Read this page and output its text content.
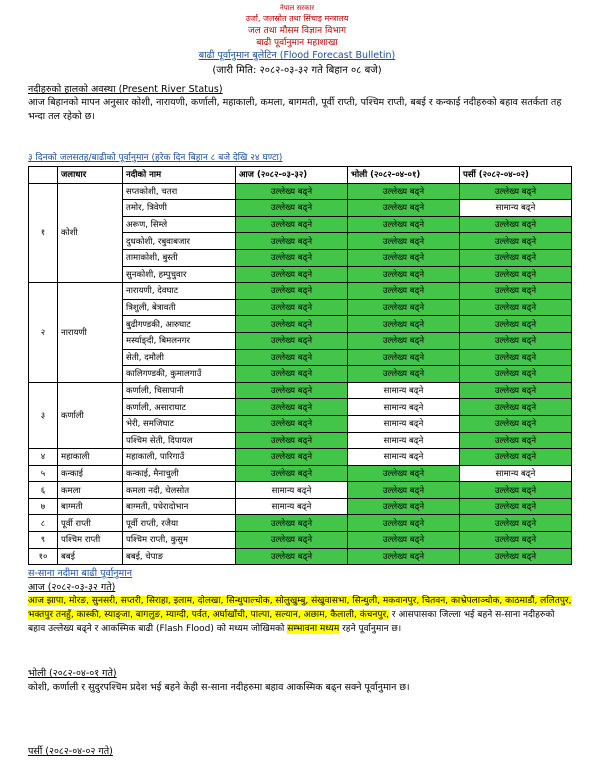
नेपाल सरकार
उर्जा, जलस्रोत तथा सिंचाइ मन्त्रालय
जल तथा मौसम विज्ञान विभाग
बाढी पूर्वानुमान महाशाखा
बाढी पूर्वानुमान बुलेटिन (Flood Forecast Bulletin)
(जारी मिति: २०८२-०३-३२ गते बिहान ०८ बजे)
नदीहरुको हालको अवस्था (Present River Status)
आज बिहानको मापन अनुसार कोशी, नारायणी, कर्णाली, महाकाली, कमला, बागमती, पूर्वी राप्ती, पश्चिम राप्ती, बबई र कन्काई नदीहरुको बहाव सतर्कता तह भन्दा तल रहेको छ।
३ दिनको जलसतह/बाढीको पूर्वानुमान (हरेक दिन बिहान ८ बजे देखि २४ घण्टा)
	जलाधार	नदीको नाम	आज (२०८२-०३-३२)	भोली (२०८२-०४-०१)	पर्सी (२०८२-०४-०२)
१	कोशी	सप्तकोशी, चतरा	उल्लेख्य बढ्ने	उल्लेख्य बढ्ने	उल्लेख्य बढ्ने
		तमोर, त्रिवेणी	उल्लेख्य बढ्ने	उल्लेख्य बढ्ने	सामान्य बढ्ने
		अरूण, सिम्ले	उल्लेख्य बढ्ने	उल्लेख्य बढ्ने	उल्लेख्य बढ्ने
		दुधकोशी, रबुवाबजार	उल्लेख्य बढ्ने	उल्लेख्य बढ्ने	उल्लेख्य बढ्ने
		तामाकोशी, बुस्ती	उल्लेख्य बढ्ने	उल्लेख्य बढ्ने	उल्लेख्य बढ्ने
		सुनकोशी, हम्पुचुवार	उल्लेख्य बढ्ने	उल्लेख्य बढ्ने	उल्लेख्य बढ्ने
२	नारायणी	नारायणी, देवघाट	उल्लेख्य बढ्ने	उल्लेख्य बढ्ने	उल्लेख्य बढ्ने
		त्रिशुली, बेत्रावती	उल्लेख्य बढ्ने	उल्लेख्य बढ्ने	उल्लेख्य बढ्ने
		बुढीगण्डकी, आरुघाट	उल्लेख्य बढ्ने	उल्लेख्य बढ्ने	उल्लेख्य बढ्ने
		मर्स्याङ्दी, बिमलनगर	उल्लेख्य बढ्ने	उल्लेख्य बढ्ने	उल्लेख्य बढ्ने
		सेती, दमौली	उल्लेख्य बढ्ने	उल्लेख्य बढ्ने	उल्लेख्य बढ्ने
		कालिगण्डकी, कुमालगाउँ	उल्लेख्य बढ्ने	उल्लेख्य बढ्ने	उल्लेख्य बढ्ने
३	कर्णाली	कर्णाली, चिसापानी	उल्लेख्य बढ्ने	सामान्य बढ्ने	उल्लेख्य बढ्ने
		कर्णाली, असाराघाट	उल्लेख्य बढ्ने	सामान्य बढ्ने	उल्लेख्य बढ्ने
		भेरी, समजिघाट	उल्लेख्य बढ्ने	सामान्य बढ्ने	उल्लेख्य बढ्ने
		पश्चिम सेती, दिपायल	उल्लेख्य बढ्ने	सामान्य बढ्ने	उल्लेख्य बढ्ने
४	महाकाली	महाकाली, पारिगाउँ	उल्लेख्य बढ्ने	सामान्य बढ्ने	उल्लेख्य बढ्ने
५	कन्काई	कन्काई, मैनाचुली	उल्लेख्य बढ्ने	उल्लेख्य बढ्ने	सामान्य बढ्ने
६	कमला	कमला नदी, चेलसोत	सामान्य बढ्ने	उल्लेख्य बढ्ने	उल्लेख्य बढ्ने
७	बाग्मती	बाग्मती, पधेरादोभान	सामान्य बढ्ने	उल्लेख्य बढ्ने	उल्लेख्य बढ्ने
८	पूर्वी राप्ती	पूर्वी राप्ती, रजैया	उल्लेख्य बढ्ने	उल्लेख्य बढ्ने	उल्लेख्य बढ्ने
९	पश्चिम राप्ती	पश्चिम राप्ती, कुसुम	उल्लेख्य बढ्ने	उल्लेख्य बढ्ने	उल्लेख्य बढ्ने
१०	बबई	बबई, चेपाङ	उल्लेख्य बढ्ने	उल्लेख्य बढ्ने	उल्लेख्य बढ्ने
स-साना नदीमा बाढी पूर्वानुमान
आज (२०८२-०३-३२ गते)
आज झापा, मोरङ, सुनसरी, सप्तरी, सिराहा, इलाम, दोलखा, सिन्धुपाल्चोक, सोलुखुम्बु, संखुवासभा, सिन्धुली, मकवानपुर, चितवन, काभ्रेपलाञ्चोक, काठमाडौं, ललितपुर, भक्तपुर तनहुँ, कास्की, स्याङ्जा, बागलुङ, म्याग्दी, पर्वत, अर्घाखाँची, पाल्पा, सल्यान, अछाम, कैलाली, कंचनपुर, र आसपासका जिल्ला भई बहने स-साना नदीहरुको बहाव उल्लेख्य बढ्ने र आकस्मिक बाढी (Flash Flood) को मध्यम जोखिमको सम्भावना मध्यम रहने पूर्वानुमान छ।
भोली (२०८२-०४-०१ गते)
कोशी, कर्णाली र सुदुरपश्चिम प्रदेश भई बहने केही स-साना नदीहरुमा बहाव आकस्मिक बढ्न सक्ने पूर्वानुमान छ।
पर्सी (२०८२-०४-०२ गते)
